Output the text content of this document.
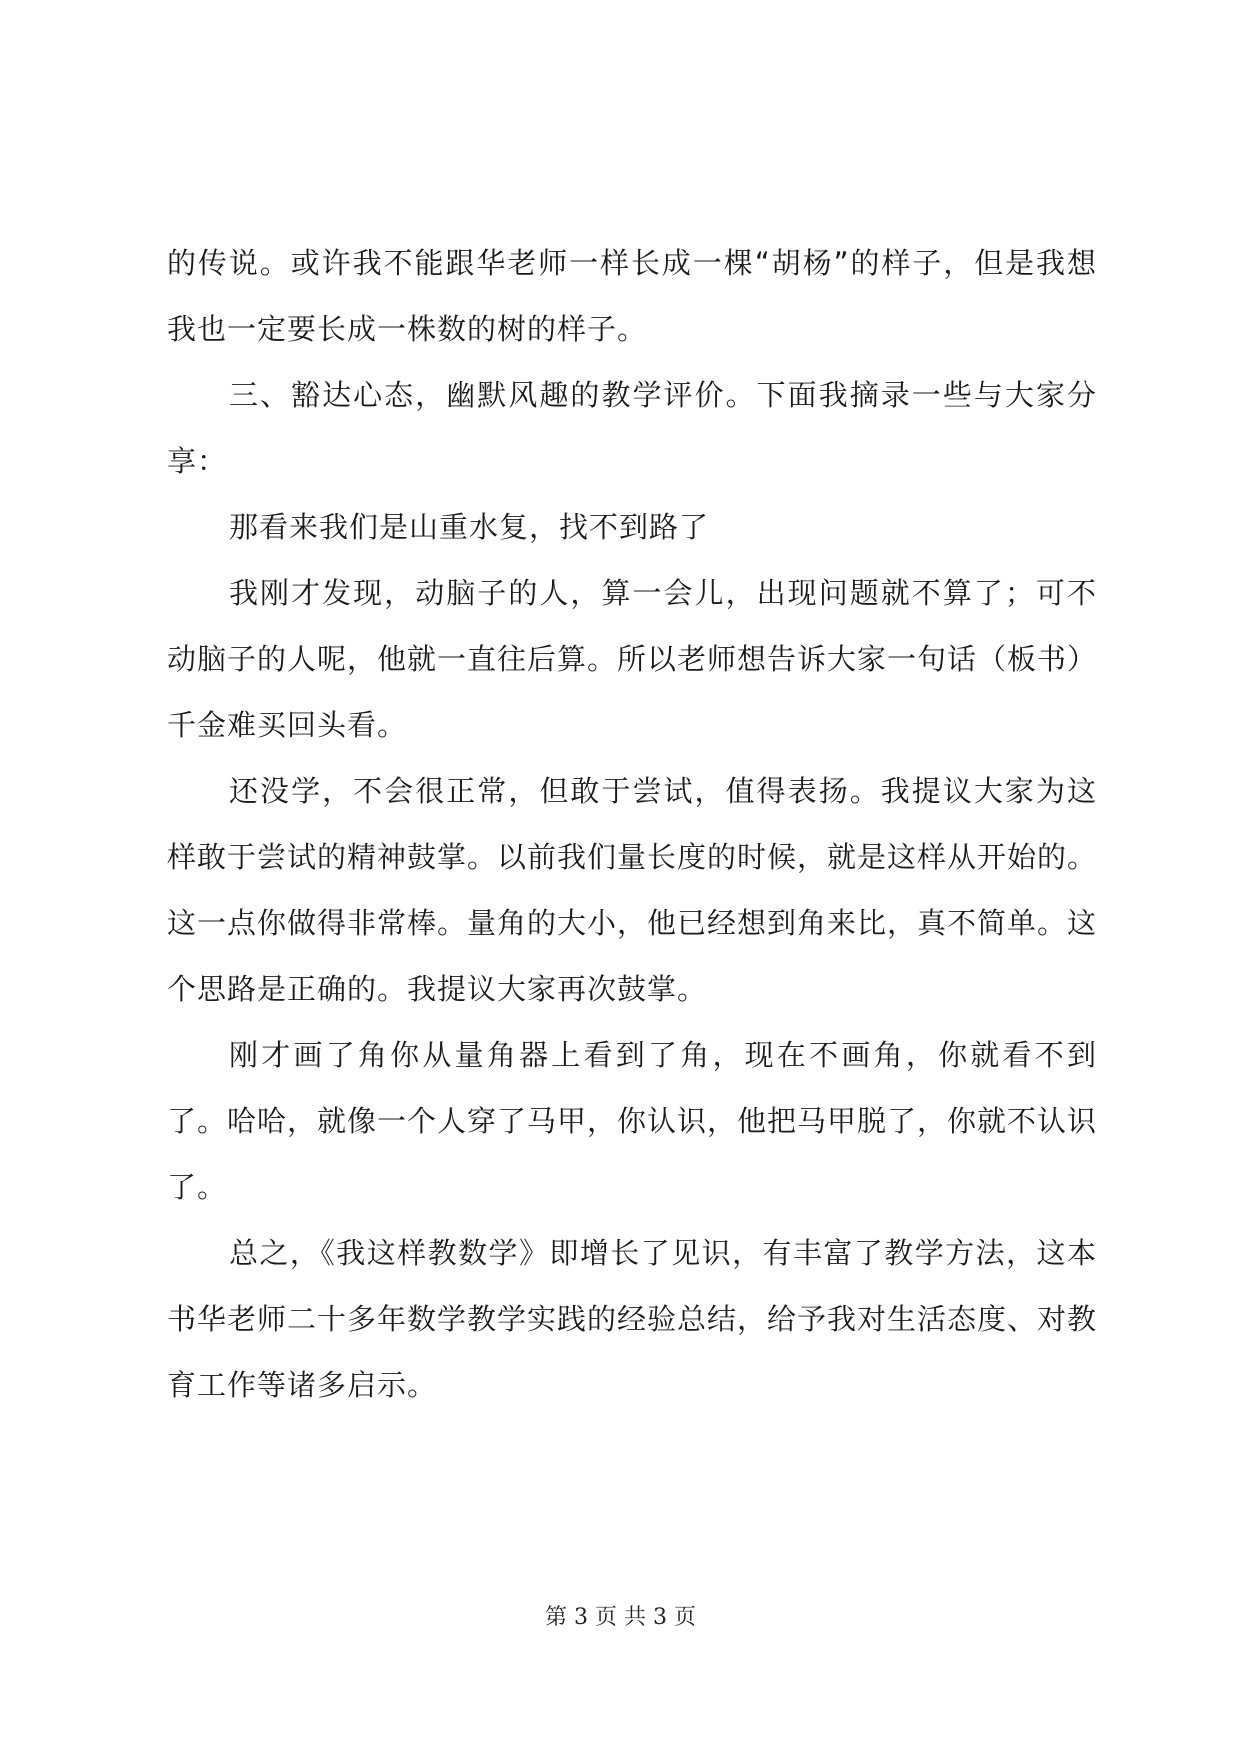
的传说。或许我不能跟华老师一样长成一棵“胡杨”的样子，但是我想我也一定要长成一株数的树的样子。

三、豁达心态，幽默风趣的教学评价。下面我摘录一些与大家分享：

那看来我们是山重水复，找不到路了

我刚才发现，动脑子的人，算一会儿，出现问题就不算了；可不动脑子的人呢，他就一直往后算。所以老师想告诉大家一句话（板书）千金难买回头看。

还没学，不会很正常，但敢于尝试，值得表扬。我提议大家为这样敢于尝试的精神鼓掌。以前我们量长度的时候，就是这样从开始的。这一点你做得非常棒。量角的大小，他已经想到角来比，真不简单。这个思路是正确的。我提议大家再次鼓掌。

刚才画了角你从量角器上看到了角，现在不画角，你就看不到了。哈哈，就像一个人穿了马甲，你认识，他把马甲脱了，你就不认识了。

总之，《我这样教数学》即增长了见识，有丰富了教学方法，这本书华老师二十多年数学教学实践的经验总结，给予我对生活态度、对教育工作等诸多启示。

第 3 页 共 3 页
